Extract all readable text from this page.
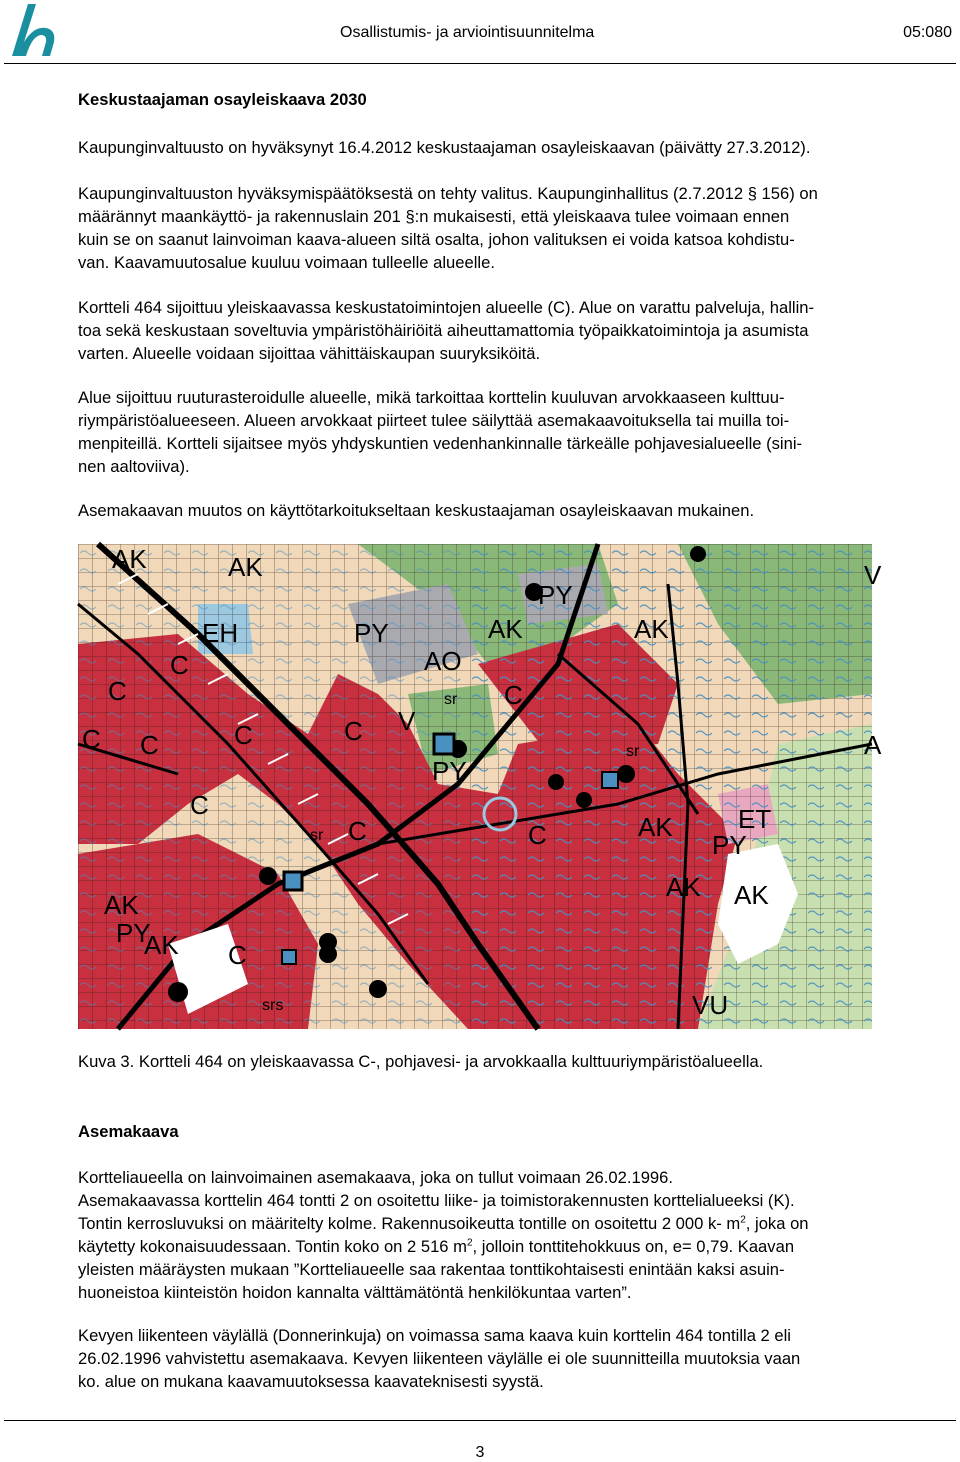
Osallistumis- ja arviointisuunnitelma	05:080
Keskustaajaman osayleiskaava 2030
Kaupunginvaltuusto on hyväksynyt 16.4.2012 keskustaajaman osayleiskaavan (päivätty 27.3.2012).

Kaupunginvaltuuston hyväksymispäätöksestä on tehty valitus. Kaupunginhallitus (2.7.2012 § 156) on

määrännyt maankäyttö- ja rakennuslain 201 §:n mukaisesti, että yleiskaava tulee voimaan ennen

kuin se on saanut lainvoiman kaava-alueen siltä osalta, johon valituksen ei voida katsoa kohdistu-

van. Kaavamuutosalue kuuluu voimaan tulleelle alueelle.

Kortteli 464 sijoittuu yleiskaavassa keskustatoimintojen alueelle (C). Alue on varattu palveluja, hallin-

toa sekä keskustaan soveltuvia ympäristöhäiriöitä aiheuttamattomia työpaikkatoimintoja ja asumista

varten. Alueelle voidaan sijoittaa vähittäiskaupan suuryksiköitä.

Alue sijoittuu ruuturasteroidulle alueelle, mikä tarkoittaa korttelin kuuluvan arvokkaaseen kulttuu-

riympäristöalueeseen. Alueen arvokkaat piirteet tulee säilyttää asemakaavoituksella tai muilla toi-

menpiteillä. Kortteli sijaitsee myös yhdyskuntien vedenhankinnalle tärkeälle pohjavesialueelle (sini-

nen aaltoviiva).

Asemakaavan muutos on käyttötarkoitukseltaan keskustaajaman osayleiskaavan mukainen.
AK	AK
EH	PY
PY
AK	AK
C
C
C	C
AO
sr C
C V
PY
sr
C
C
sr
C
AK	ET
PY
AK AK
AK
PY
AK C
srs	VU
V
A
C
Kuva 3. Kortteli 464 on yleiskaavassa C-, pohjavesi- ja arvokkaalla kulttuuriympäristöalueella.
Asemakaava

Kortteliaueella on lainvoimainen asemakaava, joka on tullut voimaan 26.02.1996.

Asemakaavassa korttelin 464 tontti 2 on osoitettu liike- ja toimistorakennusten korttelialueeksi (K).

Tontin kerrosluvuksi on määritelty kolme. Rakennusoikeutta tontille on osoitettu 2 000 k- $m^2$, joka on

käytetty kokonaisuudessaan. Tontin koko on 2 516 $m^2$, jolloin tonttitehokkuus on, e= 0,79. Kaavan

yleisten määräysten mukaan ”Kortteliaueelle saa rakentaa tonttikohtaisesti enintään kaksi asuin-

huoneistoa kiinteistön hoidon kannalta välttämätöntä henkilökuntaa varten”.

Kevyen liikenteen väylällä (Donnerinkuja) on voimassa sama kaava kuin korttelin 464 tontilla 2 eli

26.02.1996 vahvistettu asemakaava. Kevyen liikenteen väylälle ei ole suunnitteilla muutoksia vaan

ko. alue on mukana kaavamuutoksessa kaavateknisesti syystä.

3
